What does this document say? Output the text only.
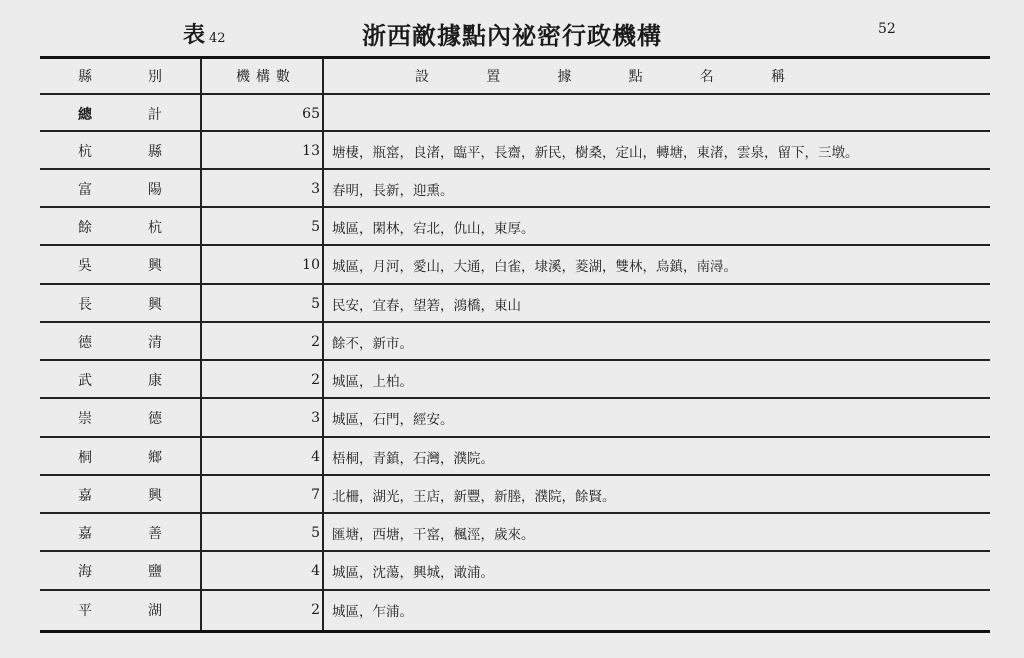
表 42	浙西敵據點內祕密行政機構	52
縣	別	機構數	設	置	據	點	名	稱
總	計	65
杭	縣	13 塘棲，瓶窰，良渚，臨平，長齋，新民，樹桑，定山，轉塘，東渚，雲泉，留下，三墩。
富	陽	3 春明，長新，迎熏。
餘	杭	5 城區，閑林，宕北，仇山，東厚。
吳	興	10 城區，月河，愛山，大通，白雀，埭溪，菱湖，雙林，烏鎮，南潯。
長	興	5 民安，宜春，望箬，鴻橋，東山
德	清	2 餘不，新市。
武	康	2 城區，上柏。
崇	德	3 城區，石門，經安。
桐	鄉	4 梧桐，青鎮，石灣，濮院。
嘉	興	7 北柵，湖光，王店，新豐，新塍，濮院，餘賢。
嘉	善	5 匯塘，西塘，干窰，楓涇，歲來。
海	鹽	4 城區，沈蕩，興城，澉浦。
平	湖	2 城區，乍浦。
